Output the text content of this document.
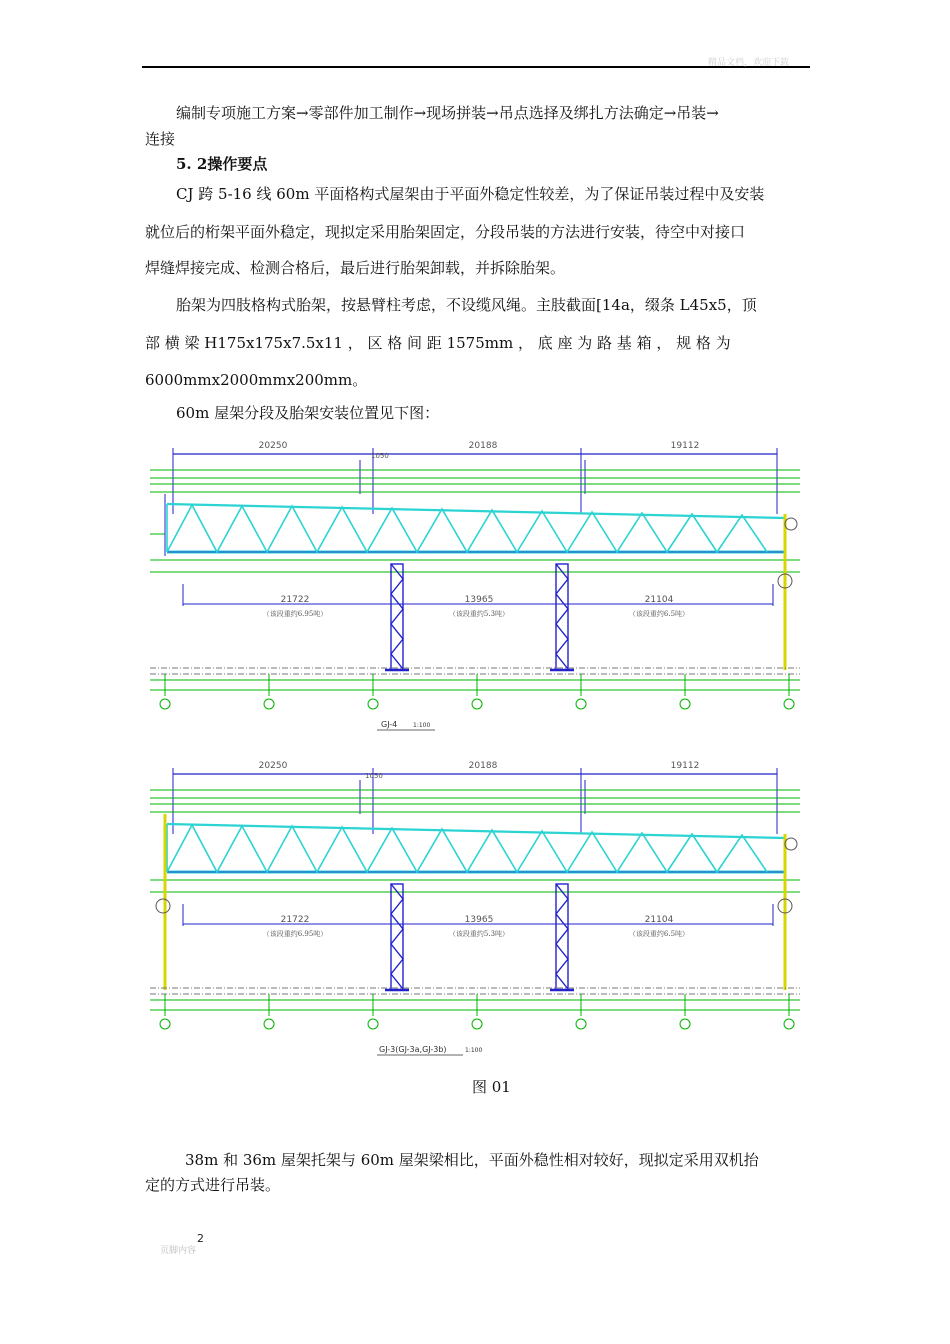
精品文档，欢迎下载
编制专项施工方案→零部件加工制作→现场拼装→吊点选择及绑扎方法确定→吊装→
连接
5. 2操作要点
CJ 跨 5-16 线 60m 平面格构式屋架由于平面外稳定性较差，为了保证吊装过程中及安装
就位后的桁架平面外稳定，现拟定采用胎架固定，分段吊装的方法进行安装，待空中对接口
焊缝焊接完成、检测合格后，最后进行胎架卸载，并拆除胎架。
胎架为四肢格构式胎架，按悬臂柱考虑，不设缆风绳。主肢截面[14a，缀条 L45x5，顶
部 横 梁 H175x175x7.5x11 ， 区 格 间 距 1575mm ， 底 座 为 路 基 箱 ， 规 格 为
6000mmx2000mmx200mm。
60m 屋架分段及胎架安装位置见下图：
20250	20188	19112
1050
21722	13965	21104
（该段重约6.95吨）	（该段重约5.3吨）	（该段重约6.5吨）
GJ-4	1:100
20250	20188	19112
1050
21722	13965	21104
（该段重约6.95吨）	（该段重约5.3吨）	（该段重约6.5吨）
GJ-3(GJ-3a,GJ-3b)	1:100
图 01
38m 和 36m 屋架托架与 60m 屋架梁相比，平面外稳性相对较好，现拟定采用双机抬
定的方式进行吊装。
页脚内容
2
